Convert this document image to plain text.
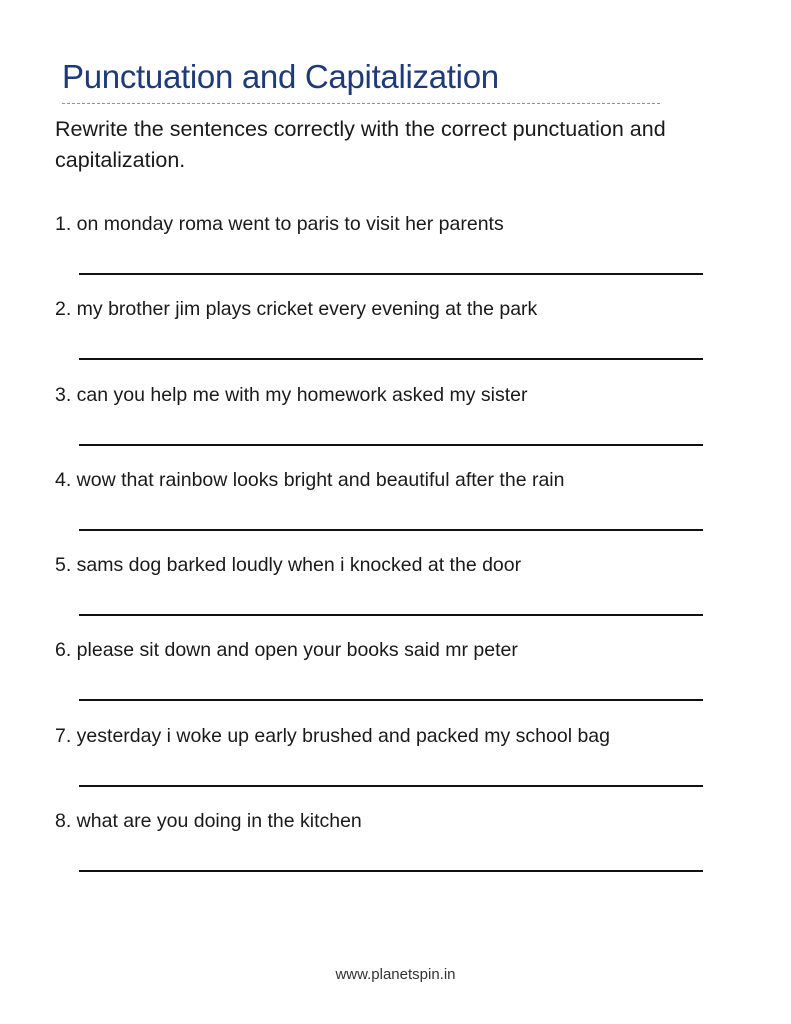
Punctuation and Capitalization
Rewrite the sentences correctly with the correct punctuation and capitalization.
1. on monday roma went to paris to visit her parents
2. my brother jim plays cricket every evening at the park
3. can you help me with my homework asked my sister
4. wow that rainbow looks bright and beautiful after the rain
5. sams dog barked loudly when i knocked at the door
6. please sit down and open your books said mr peter
7. yesterday i woke up early brushed and packed my school bag
8. what are you doing in the kitchen
www.planetspin.in
